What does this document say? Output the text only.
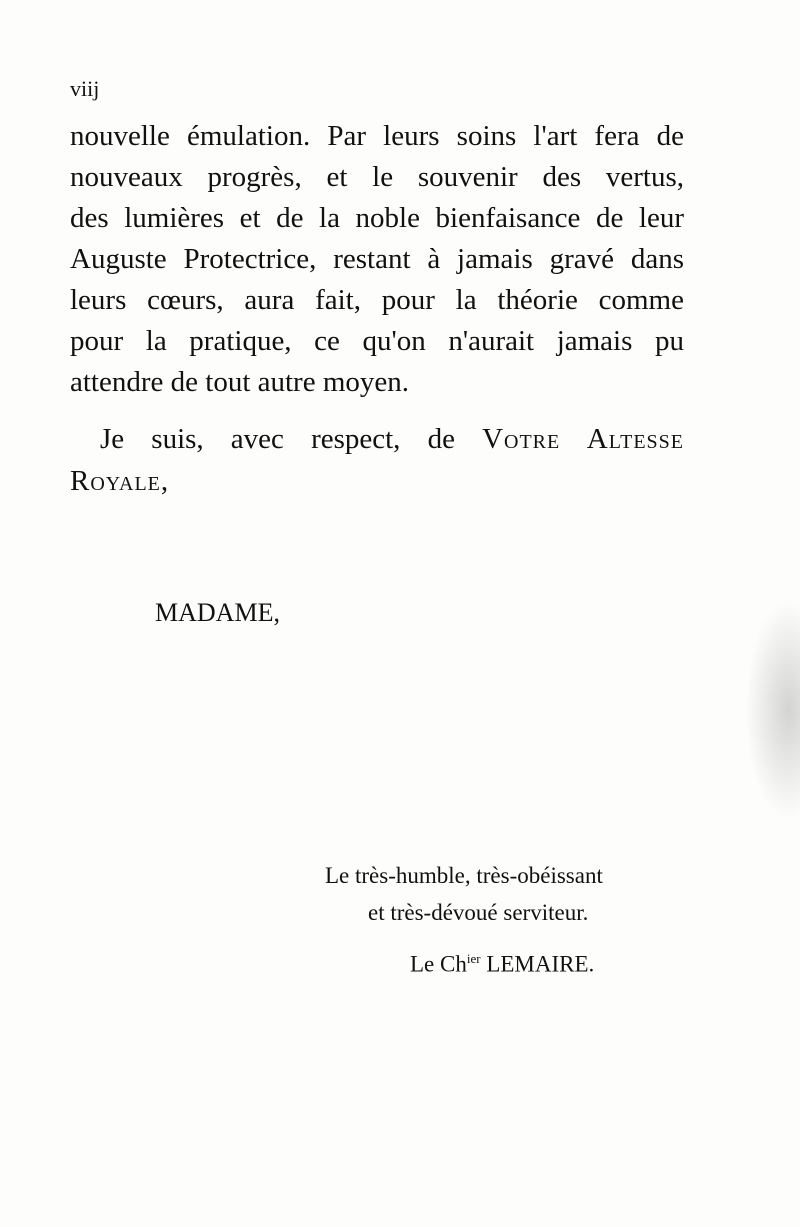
viij
nouvelle émulation. Par leurs soins l'art fera de
nouveaux progrès, et le souvenir des vertus,
des lumières et de la noble bienfaisance de leur
Auguste Protectrice, restant à jamais gravé dans
leurs cœurs, aura fait, pour la théorie comme
pour la pratique, ce qu'on n'aurait jamais pu
attendre de tout autre moyen.
Je suis, avec respect, de Votre Altesse
Royale,
MADAME,
Le très-humble, très-obéissant
et très-dévoué serviteur.
Le $Ch^{ier}$ LEMAIRE.
